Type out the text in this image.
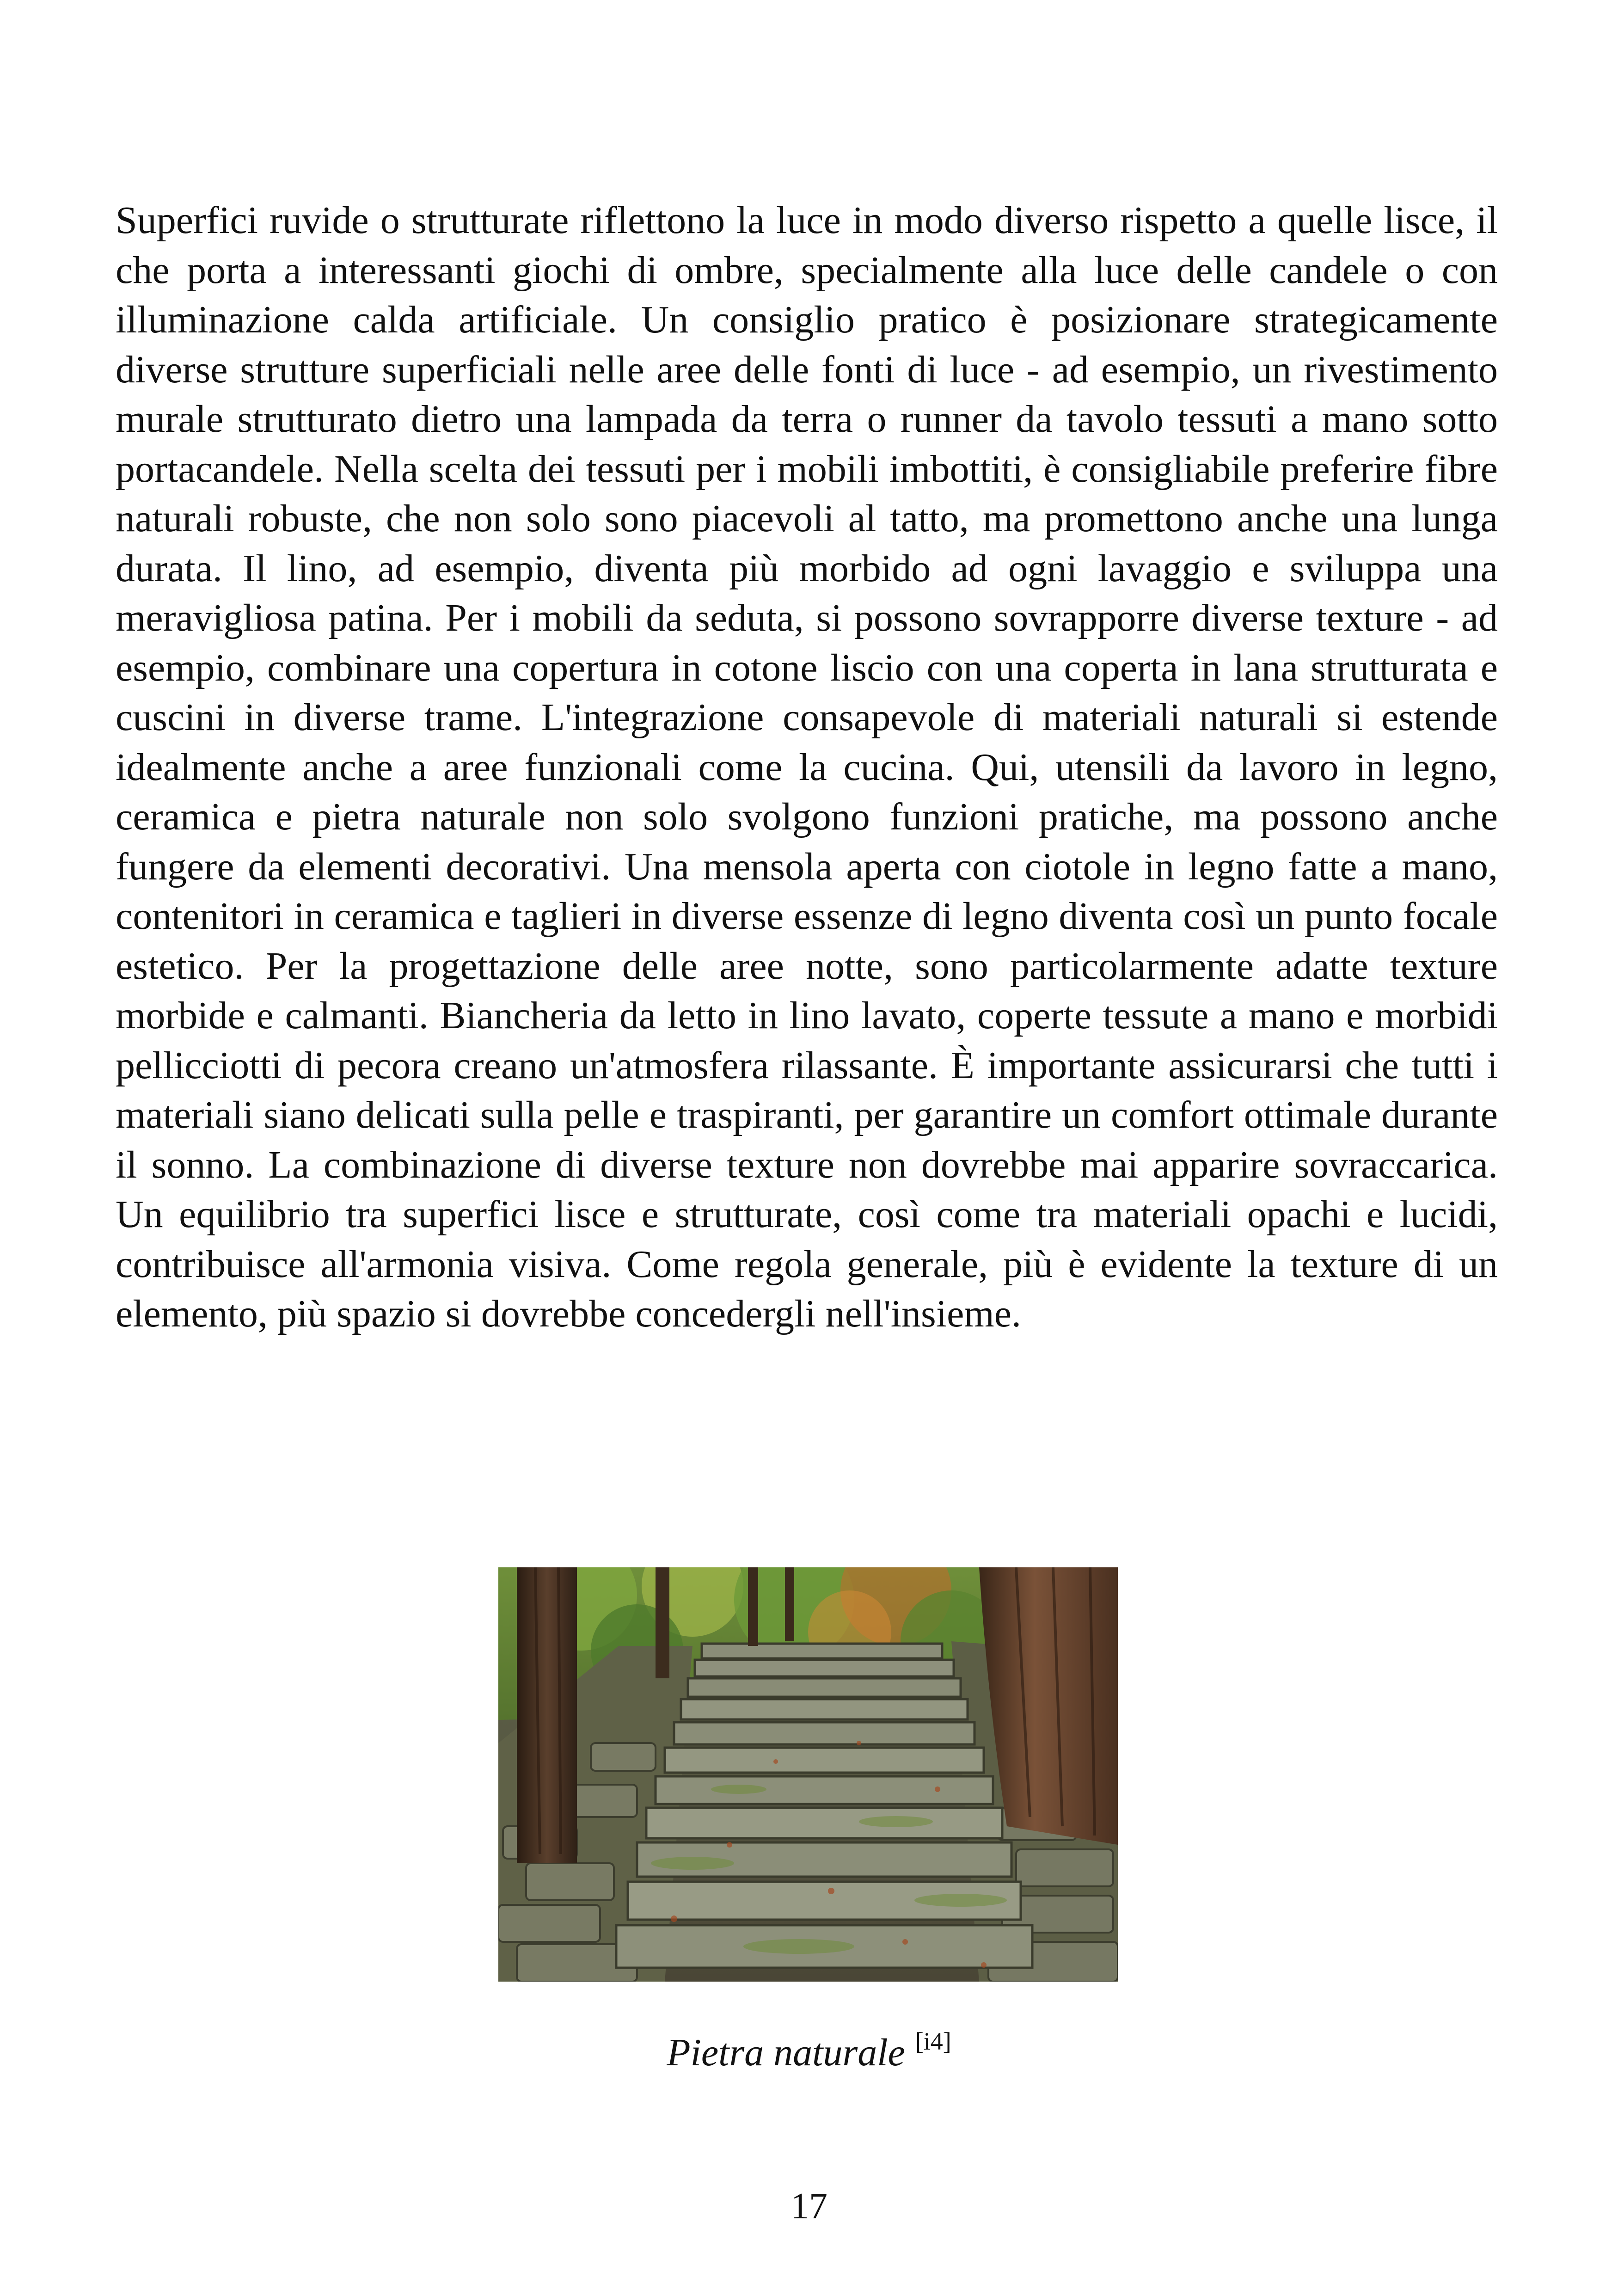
Superfici ruvide o strutturate riflettono la luce in modo diverso rispetto a quelle lisce, il che porta a interessanti giochi di ombre, specialmente alla luce delle candele o con illuminazione calda artificiale. Un consiglio pratico è posizionare strategicamente diverse strutture superficiali nelle aree delle fonti di luce - ad esempio, un rivestimento murale strutturato dietro una lampada da terra o runner da tavolo tessuti a mano sotto portacandele. Nella scelta dei tessuti per i mobili imbottiti, è consigliabile preferire fibre naturali robuste, che non solo sono piacevoli al tatto, ma promettono anche una lunga durata. Il lino, ad esempio, diventa più morbido ad ogni lavaggio e sviluppa una meravigliosa patina. Per i mobili da seduta, si possono sovrapporre diverse texture - ad esempio, combinare una copertura in cotone liscio con una coperta in lana strutturata e cuscini in diverse trame. L'integrazione consapevole di materiali naturali si estende idealmente anche a aree funzionali come la cucina. Qui, utensili da lavoro in legno, ceramica e pietra naturale non solo svolgono funzioni pratiche, ma possono anche fungere da elementi decorativi. Una mensola aperta con ciotole in legno fatte a mano, contenitori in ceramica e taglieri in diverse essenze di legno diventa così un punto focale estetico. Per la progettazione delle aree notte, sono particolarmente adatte texture morbide e calmanti. Biancheria da letto in lino lavato, coperte tessute a mano e morbidi pellicciotti di pecora creano un'atmosfera rilassante. È importante assicurarsi che tutti i materiali siano delicati sulla pelle e traspiranti, per garantire un comfort ottimale durante il sonno. La combinazione di diverse texture non dovrebbe mai apparire sovraccarica. Un equilibrio tra superfici lisce e strutturate, così come tra materiali opachi e lucidi, contribuisce all'armonia visiva. Come regola generale, più è evidente la texture di un elemento, più spazio si dovrebbe concedergli nell'insieme.

Pietra naturale [i4]
17
